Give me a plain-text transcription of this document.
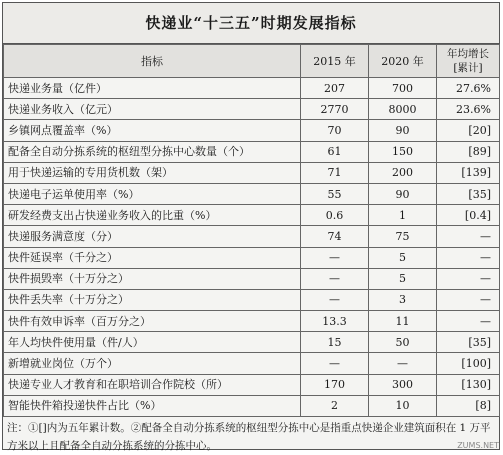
快递业“十三五”时期发展指标
指标	2015 年	2020 年	年均增长
[累计]
快递业务量（亿件）	207	700	27.6%
快递业务收入（亿元）	2770	8000	23.6%
乡镇网点覆盖率（%）	70	90	[20]
配备全自动分拣系统的枢纽型分拣中心数量（个）	61	150	[89]
用于快递运输的专用货机数（架）	71	200	[139]
快递电子运单使用率（%）	55	90	[35]
研发经费支出占快递业务收入的比重（%）	0.6	1	[0.4]
快递服务满意度（分）	74	75	—
快件延误率（千分之）	—	5	—
快件损毁率（十万分之）	—	5	—
快件丢失率（十万分之）	—	3	—
快件有效申诉率（百万分之）	13.3	11	—
年人均快件使用量（件/人）	15	50	[35]
新增就业岗位（万个）	—	—	[100]
快递专业人才教育和在职培训合作院校（所）	170	300	[130]
智能快件箱投递快件占比（%）	2	10	[8]
注：①[]内为五年累计数。②配备全自动分拣系统的枢纽型分拣中心是指重点快递企业建筑面积在 1 万平方米以上且配备全自动分拣系统的分拣中心。	ZUMS.NET
